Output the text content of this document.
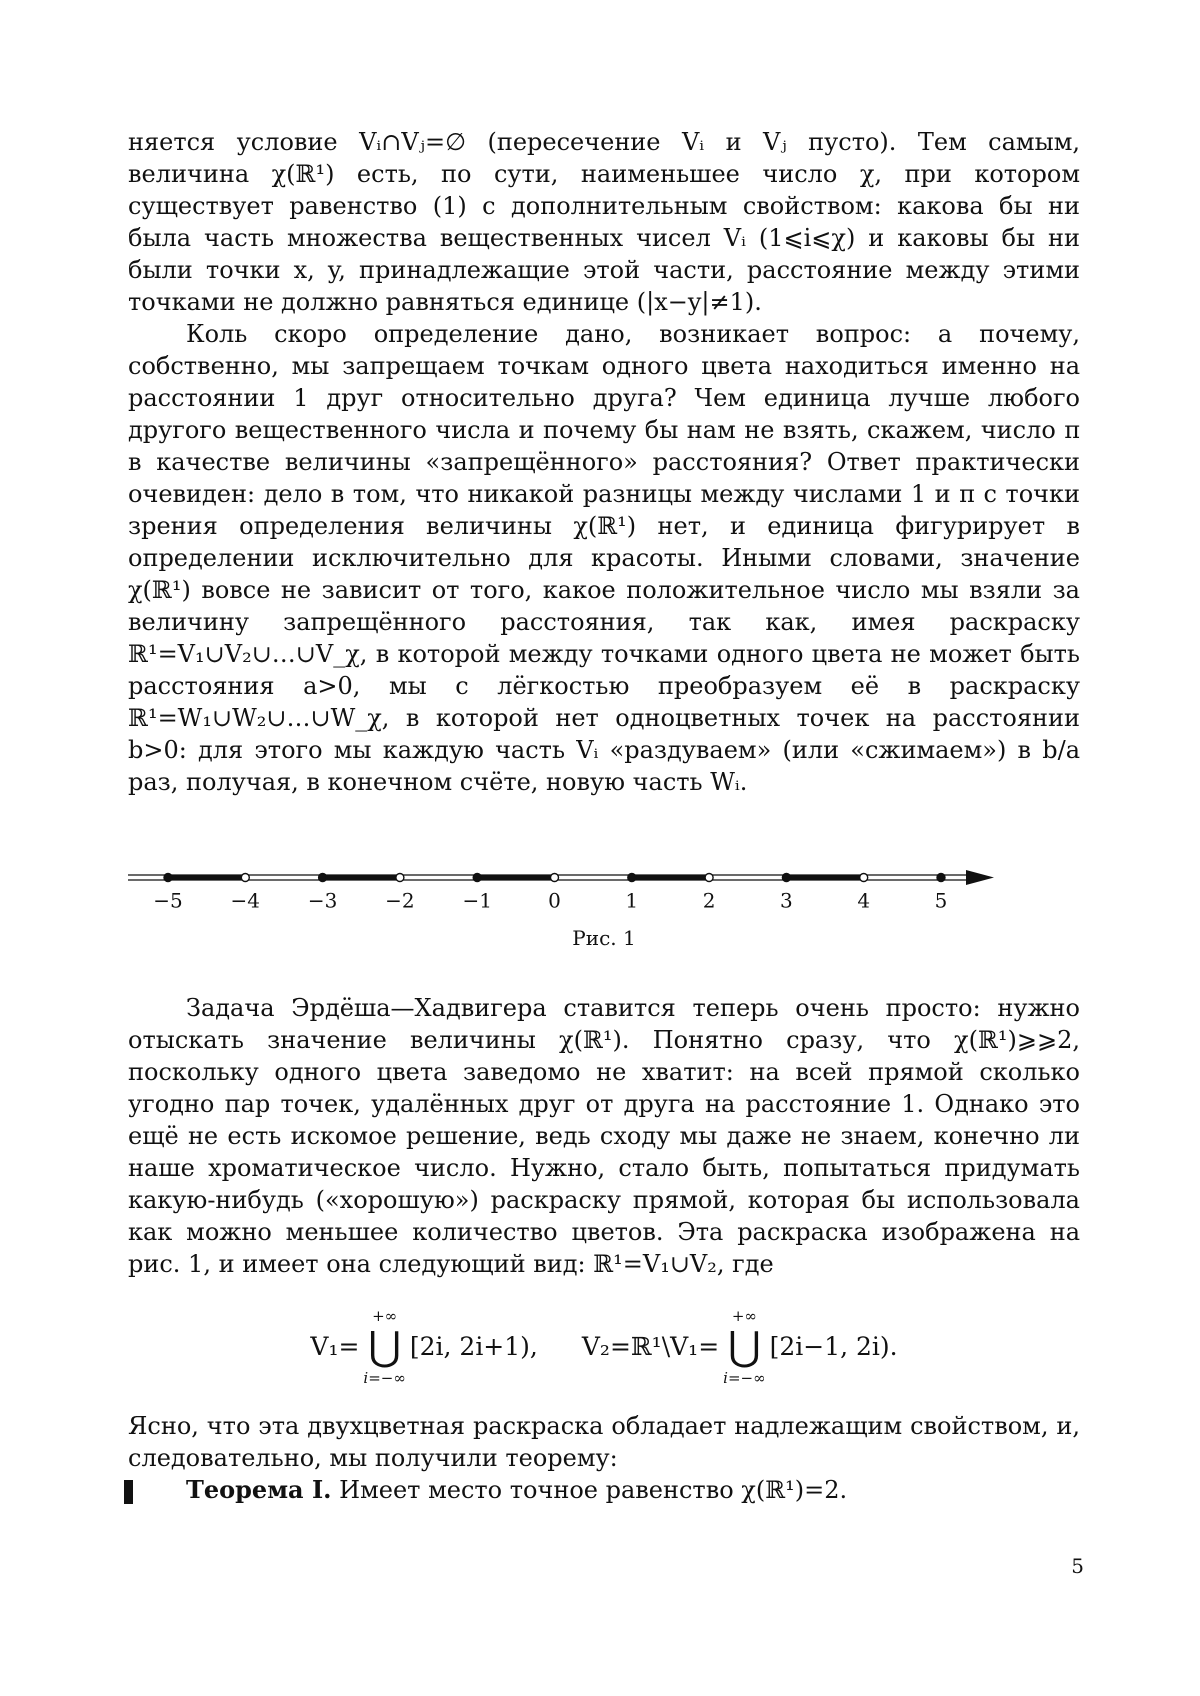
няется условие Vᵢ∩Vⱼ=∅ (пересечение Vᵢ и Vⱼ пусто). Тем самым, величина χ(ℝ¹) есть, по сути, наименьшее число χ, при котором существует равенство (1) с дополнительным свойством: какова бы ни была часть множества вещественных чисел Vᵢ (1⩽i⩽χ) и каковы бы ни были точки x, y, принадлежащие этой части, расстояние между этими точками не должно равняться единице (|x−y|≠1).

Коль скоро определение дано, возникает вопрос: а почему, собственно, мы запрещаем точкам одного цвета находиться именно на расстоянии 1 друг относительно друга? Чем единица лучше любого другого вещественного числа и почему бы нам не взять, скажем, число π в качестве величины «запрещённого» расстояния? Ответ практически очевиден: дело в том, что никакой разницы между числами 1 и π с точки зрения определения величины χ(ℝ¹) нет, и единица фигурирует в определении исключительно для красоты. Иными словами, значение χ(ℝ¹) вовсе не зависит от того, какое положительное число мы взяли за величину запрещённого расстояния, так как, имея раскраску ℝ¹=V₁∪V₂∪…∪V_χ, в которой между точками одного цвета не может быть расстояния a>0, мы с лёгкостью преобразуем её в раскраску ℝ¹=W₁∪W₂∪…∪W_χ, в которой нет одноцветных точек на расстоянии b>0: для этого мы каждую часть Vᵢ «раздуваем» (или «сжимаем») в b/a раз, получая, в конечном счёте, новую часть Wᵢ.

−5 −4 −3 −2 −1	0	1	2	3	4	5
Рис. 1

Задача Эрдёша—Хадвигера ставится теперь очень просто: нужно отыскать значение величины χ(ℝ¹). Понятно сразу, что χ(ℝ¹)⩾⩾2, поскольку одного цвета заведомо не хватит: на всей прямой сколько угодно пар точек, удалённых друг от друга на расстояние 1. Однако это ещё не есть искомое решение, ведь сходу мы даже не знаем, конечно ли наше хроматическое число. Нужно, стало быть, попытаться придумать какую-нибудь («хорошую») раскраску прямой, которая бы использовала как можно меньшее количество цветов. Эта раскраска изображена на рис. 1, и имеет она следующий вид: ℝ¹=V₁∪V₂, где

V₁=
+∞
⋃
i=−∞
[2i, 2i+1), V₂=ℝ¹\V₁=
+∞
⋃
i=−∞
[2i−1, 2i).

Ясно, что эта двухцветная раскраска обладает надлежащим свойством, и, следовательно, мы получили теорему:

Теорема I. Имеет место точное равенство χ(ℝ¹)=2.
5
